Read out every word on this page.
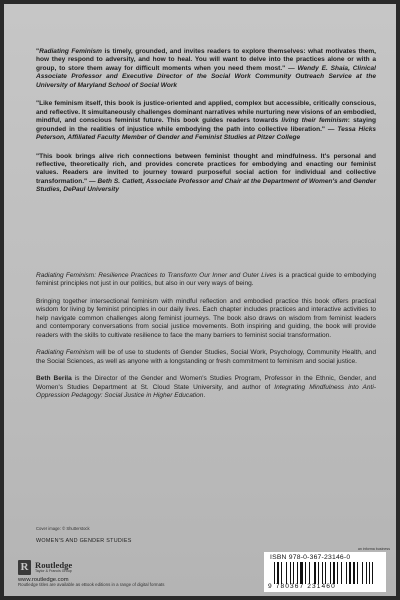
"Radiating Feminism is timely, grounded, and invites readers to explore themselves: what motivates them, how they respond to adversity, and how to heal. You will want to delve into the practices alone or with a group, to store them away for difficult moments when you need them most." — Wendy E. Shaia, Clinical Associate Professor and Executive Director of the Social Work Community Outreach Service at the University of Maryland School of Social Work

"Like feminism itself, this book is justice-oriented and applied, complex but accessible, critically conscious, and reflective. It simultaneously challenges dominant narratives while nurturing new visions of an embodied, mindful, and conscious feminist future. This book guides readers towards living their feminism: staying grounded in the realities of injustice while embodying the path into collective liberation." — Tessa Hicks Peterson, Affiliated Faculty Member of Gender and Feminist Studies at Pitzer College

"This book brings alive rich connections between feminist thought and mindfulness. It's personal and reflective, theoretically rich, and provides concrete practices for embodying and enacting our feminist values. Readers are invited to journey toward purposeful social action for individual and collective transformation." — Beth S. Catlett, Associate Professor and Chair at the Department of Women's and Gender Studies, DePaul University

Radiating Feminism: Resilience Practices to Transform Our Inner and Outer Lives is a practical guide to embodying feminist principles not just in our politics, but also in our very ways of being.

Bringing together intersectional feminism with mindful reflection and embodied practice this book offers practical wisdom for living by feminist principles in our daily lives. Each chapter includes practices and interactive activities to help navigate common challenges along feminist journeys. The book also draws on wisdom from feminist leaders and contemporary conversations from social justice movements. Both inspiring and guiding, the book will provide readers with the skills to cultivate resilience to face the many barriers to feminist social transformation.

Radiating Feminism will be of use to students of Gender Studies, Social Work, Psychology, Community Health, and the Social Sciences, as well as anyone with a longstanding or fresh commitment to feminism and social justice.

Beth Berila is the Director of the Gender and Women's Studies Program, Professor in the Ethnic, Gender, and Women's Studies Department at St. Cloud State University, and author of Integrating Mindfulness into Anti-Oppression Pedagogy: Social Justice in Higher Education.

Cover image: © Shutterstock
WOMEN'S AND GENDER STUDIES
R
Routledge
Taylor & Francis Group
www.routledge.com
Routledge titles are available as eBook editions in a range of digital formats
an informa business
ISBN 978-0-367-23146-0
9 780367 231460
